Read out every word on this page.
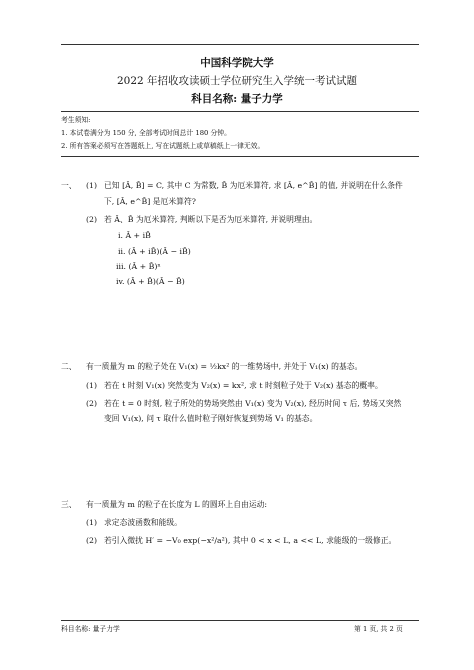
中国科学院大学
2022 年招收攻读硕士学位研究生入学统一考试试题
科目名称: 量子力学
考生须知:
1. 本试卷满分为 150 分, 全部考试时间总计 180 分钟。
2. 所有答案必须写在答题纸上, 写在试题纸上或草稿纸上一律无效。
一、 (1) 已知 [Â, B̂] = C, 其中 C 为常数, B̂ 为厄米算符, 求 [Â, e^B̂] 的值, 并说明在什么条件
下, [Â, e^B̂] 是厄米算符?
(2) 若 Â、B̂ 为厄米算符, 判断以下是否为厄米算符, 并说明理由。
i. Â + iB̂
ii. (Â + iB̂)(Â − iB̂)
iii. (Â + B̂)ⁿ
iv. (Â + B̂)(Â − B̂)
二、 有一质量为 m 的粒子处在 V₁(x) = ½kx² 的一维势场中, 并处于 V₁(x) 的基态。
(1) 若在 t 时刻 V₁(x) 突然变为 V₂(x) = kx², 求 t 时刻粒子处于 V₂(x) 基态的概率。
(2) 若在 t = 0 时刻, 粒子所处的势场突然由 V₁(x) 变为 V₂(x), 经历时间 τ 后, 势场又突然
变回 V₁(x), 问 τ 取什么值时粒子刚好恢复到势场 V₁ 的基态。
三、 有一质量为 m 的粒子在长度为 L 的圆环上自由运动:
(1) 求定态波函数和能级。
(2) 若引入微扰 H′ = −V₀ exp(−x²/a²), 其中 0 < x < L, a << L, 求能级的一级修正。
科目名称: 量子力学	第 1 页, 共 2 页
